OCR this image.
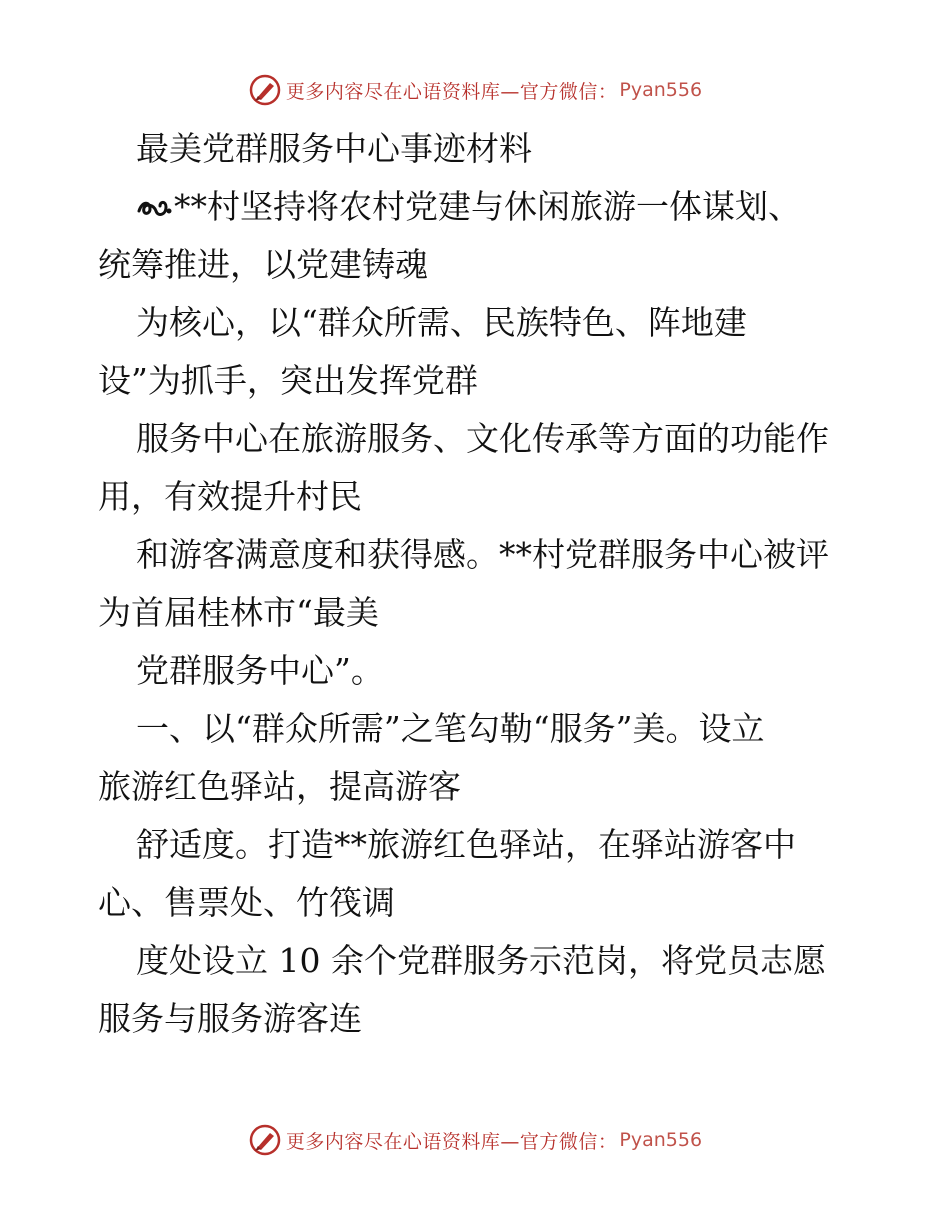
更多内容尽在心语资料库—官方微信： Pyan556
最美党群服务中心事迹材料
**村坚持将农村党建与休闲旅游一体谋划、
统筹推进，以党建铸魂
为核心，以“群众所需、民族特色、阵地建
设”为抓手，突出发挥党群
服务中心在旅游服务、文化传承等方面的功能作
用，有效提升村民
和游客满意度和获得感。**村党群服务中心被评
为首届桂林市“最美
党群服务中心”。
一、以“群众所需”之笔勾勒“服务”美。设立
旅游红色驿站，提高游客
舒适度。打造**旅游红色驿站，在驿站游客中
心、售票处、竹筏调
度处设立 10 余个党群服务示范岗，将党员志愿
服务与服务游客连
更多内容尽在心语资料库—官方微信： Pyan556
